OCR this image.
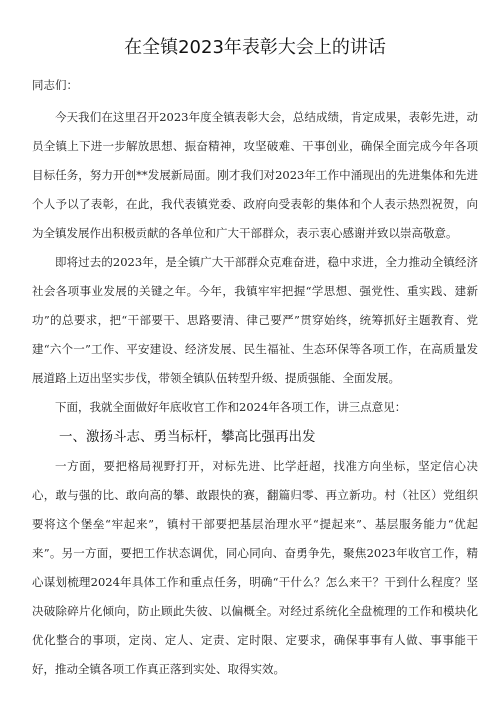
在全镇2023年表彰大会上的讲话
同志们：

今天我们在这里召开2023年度全镇表彰大会，总结成绩，肯定成果，表彰先进，动员全镇上下进一步解放思想、振奋精神，攻坚破难、干事创业，确保全面完成今年各项目标任务，努力开创**发展新局面。刚才我们对2023年工作中涌现出的先进集体和先进个人予以了表彰，在此，我代表镇党委、政府向受表彰的集体和个人表示热烈祝贺，向为全镇发展作出积极贡献的各单位和广大干部群众，表示衷心感谢并致以崇高敬意。

即将过去的2023年，是全镇广大干部群众克难奋进，稳中求进，全力推动全镇经济社会各项事业发展的关键之年。今年，我镇牢牢把握“学思想、强党性、重实践、建新功”的总要求，把“干部要干、思路要清、律己要严”贯穿始终，统筹抓好主题教育、党建“六个一”工作、平安建设、经济发展、民生福祉、生态环保等各项工作，在高质量发展道路上迈出坚实步伐，带领全镇队伍转型升级、提质强能、全面发展。

下面，我就全面做好年底收官工作和2024年各项工作，讲三点意见：

一、激扬斗志、勇当标杆，攀高比强再出发

一方面，要把格局视野打开，对标先进、比学赶超，找准方向坐标，坚定信心决心，敢与强的比、敢向高的攀、敢跟快的赛，翻篇归零、再立新功。村（社区）党组织要将这个堡垒“牢起来”，镇村干部要把基层治理水平“提起来”、基层服务能力“优起来”。另一方面，要把工作状态调优，同心同向、奋勇争先，聚焦2023年收官工作，精心谋划梳理2024年具体工作和重点任务，明确“干什么？怎么来干？干到什么程度？坚决破除碎片化倾向，防止顾此失彼、以偏概全。对经过系统化全盘梳理的工作和模块化优化整合的事项，定岗、定人、定责、定时限、定要求，确保事事有人做、事事能干好，推动全镇各项工作真正落到实处、取得实效。
